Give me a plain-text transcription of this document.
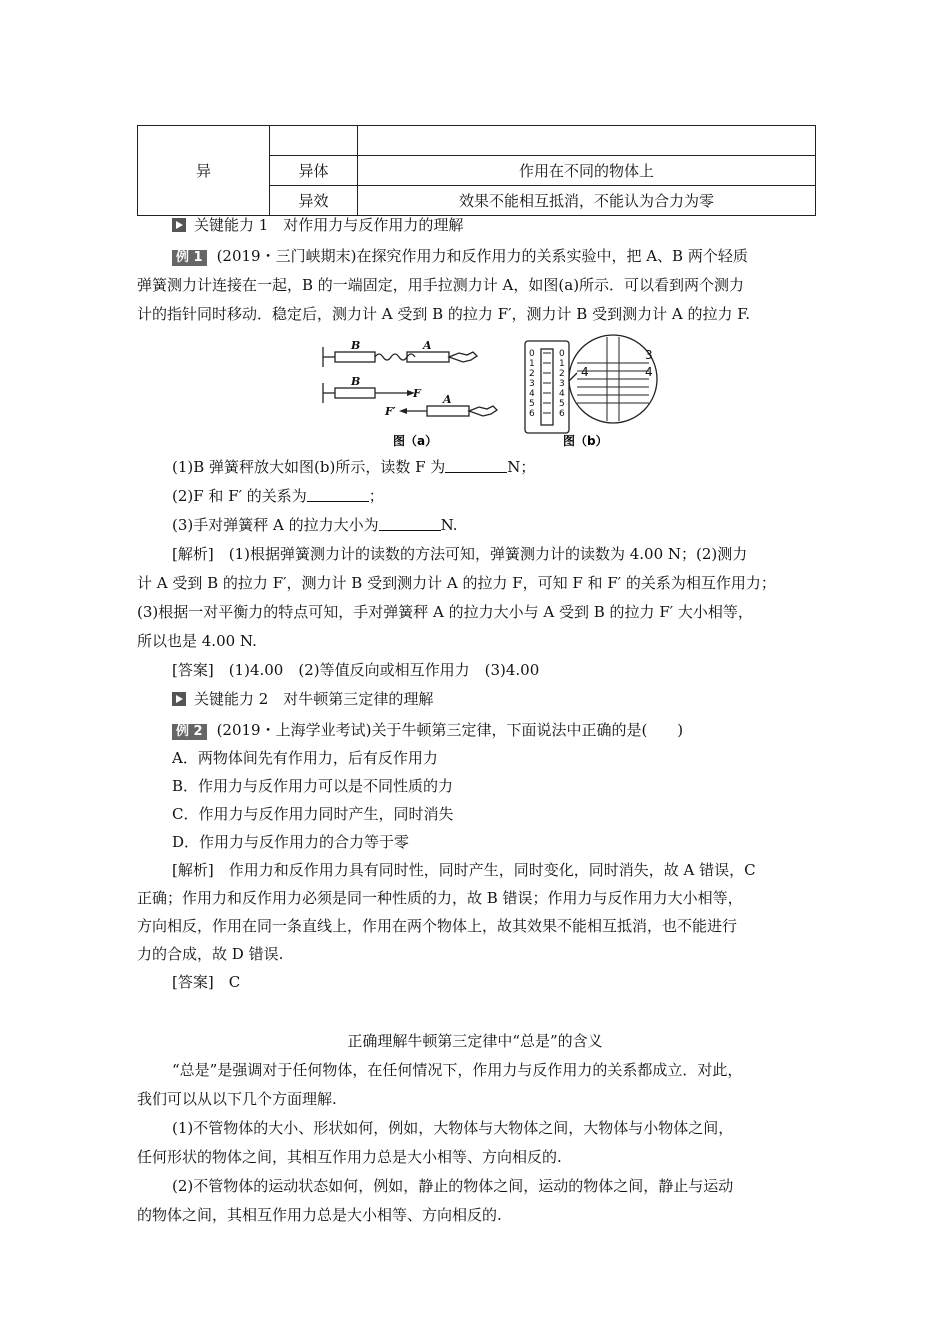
异		
	异体	作用在不同的物体上
	异效	效果不能相互抵消，不能认为合力为零
关键能力 1　对作用力与反作用力的理解
例 1 (2019・三门峡期末)在探究作用力和反作用力的关系实验中，把 A、B 两个轻质
弹簧测力计连接在一起，B 的一端固定，用手拉测力计 A，如图(a)所示．可以看到两个测力
计的指针同时移动．稳定后，测力计 A 受到 B 的拉力 F′，测力计 B 受到测力计 A 的拉力 F.
B	A
B
F
F′
A
0
1
2
3
4
5
6
0
1
2
3
4
5
6
3
4	4
图（a）	图（b）
(1)B 弹簧秤放大如图(b)所示，读数 F 为	N；
(2)F 和 F′ 的关系为	；
(3)手对弹簧秤 A 的拉力大小为	N.
[解析]　(1)根据弹簧测力计的读数的方法可知，弹簧测力计的读数为 4.00 N；(2)测力
计 A 受到 B 的拉力 F′，测力计 B 受到测力计 A 的拉力 F，可知 F 和 F′ 的关系为相互作用力；
(3)根据一对平衡力的特点可知，手对弹簧秤 A 的拉力大小与 A 受到 B 的拉力 F′ 大小相等，
所以也是 4.00 N.
[答案]　(1)4.00　(2)等值反向或相互作用力　(3)4.00
关键能力 2　对牛顿第三定律的理解
例 2 (2019・上海学业考试)关于牛顿第三定律，下面说法中正确的是(　　)
A．两物体间先有作用力，后有反作用力
B．作用力与反作用力可以是不同性质的力
C．作用力与反作用力同时产生，同时消失
D．作用力与反作用力的合力等于零
[解析]　作用力和反作用力具有同时性，同时产生，同时变化，同时消失，故 A 错误，C
正确；作用力和反作用力必须是同一种性质的力，故 B 错误；作用力与反作用力大小相等，
方向相反，作用在同一条直线上，作用在两个物体上，故其效果不能相互抵消，也不能进行
力的合成，故 D 错误.
[答案]　C
正确理解牛顿第三定律中“总是”的含义
“总是”是强调对于任何物体，在任何情况下，作用力与反作用力的关系都成立．对此，
我们可以从以下几个方面理解.
(1)不管物体的大小、形状如何，例如，大物体与大物体之间，大物体与小物体之间，
任何形状的物体之间，其相互作用力总是大小相等、方向相反的.
(2)不管物体的运动状态如何，例如，静止的物体之间，运动的物体之间，静止与运动
的物体之间，其相互作用力总是大小相等、方向相反的.
